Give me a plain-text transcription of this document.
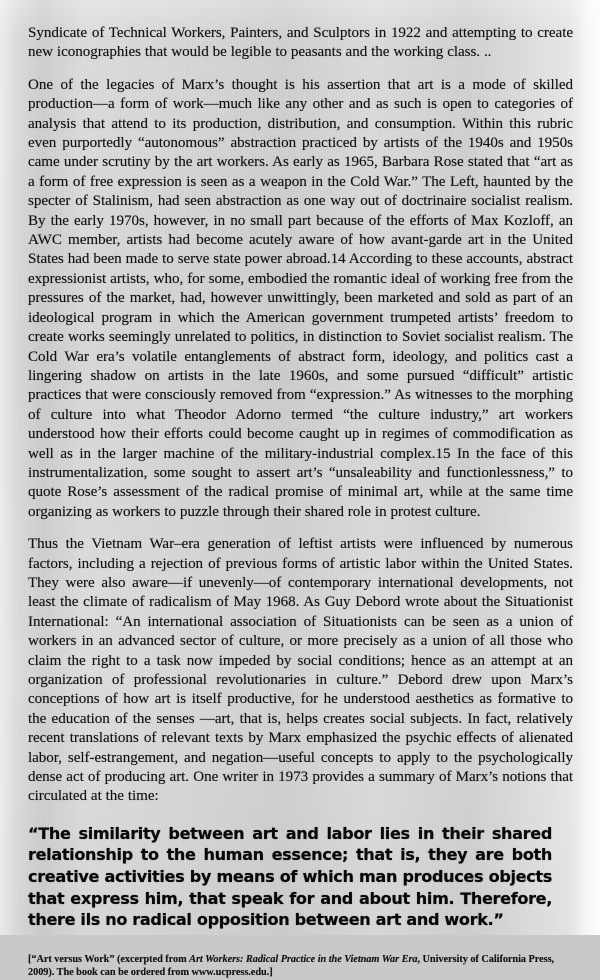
Syndicate of Technical Workers, Painters, and Sculptors in 1922 and attempting to create new iconographies that would be legible to peasants and the working class. ..

One of the legacies of Marx’s thought is his assertion that art is a mode of skilled production—a form of work—much like any other and as such is open to categories of analysis that attend to its production, distribution, and consumption. Within this rubric even purportedly “autonomous” abstraction practiced by artists of the 1940s and 1950s came under scrutiny by the art workers. As early as 1965, Barbara Rose stated that “art as a form of free expression is seen as a weapon in the Cold War.” The Left, haunted by the specter of Stalinism, had seen abstraction as one way out of doctrinaire socialist realism. By the early 1970s, however, in no small part because of the efforts of Max Kozloff, an AWC member, artists had become acutely aware of how avant-garde art in the United States had been made to serve state power abroad.14 According to these accounts, abstract expressionist artists, who, for some, embodied the romantic ideal of working free from the pressures of the market, had, however unwittingly, been marketed and sold as part of an ideological program in which the American government trumpeted artists’ freedom to create works seemingly unrelated to politics, in distinction to Soviet socialist realism. The Cold War era’s volatile entanglements of abstract form, ideology, and politics cast a lingering shadow on artists in the late 1960s, and some pursued “difficult” artistic practices that were consciously removed from “expression.” As witnesses to the morphing of culture into what Theodor Adorno termed “the culture industry,” art workers understood how their efforts could become caught up in regimes of commodification as well as in the larger machine of the military-industrial complex.15 In the face of this instrumentalization, some sought to assert art’s “unsaleability and functionlessness,” to quote Rose’s assessment of the radical promise of minimal art, while at the same time organizing as workers to puzzle through their shared role in protest culture.

Thus the Vietnam War–era generation of leftist artists were influenced by numerous factors, including a rejection of previous forms of artistic labor within the United States. They were also aware—if unevenly—of contemporary international developments, not least the climate of radicalism of May 1968. As Guy Debord wrote about the Situationist International: “An international association of Situationists can be seen as a union of workers in an advanced sector of culture, or more precisely as a union of all those who claim the right to a task now impeded by social conditions; hence as an attempt at an organization of professional revolutionaries in culture.” Debord drew upon Marx’s conceptions of how art is itself productive, for he understood aesthetics as formative to the education of the senses —art, that is, helps creates social subjects. In fact, relatively recent translations of relevant texts by Marx emphasized the psychic effects of alienated labor, self-estrangement, and negation—useful concepts to apply to the psychologically dense act of producing art. One writer in 1973 provides a summary of Marx’s notions that circulated at the time:

“The similarity between art and labor lies in their shared relationship to the human essence; that is, they are both creative activities by means of which man produces objects that express him, that speak for and about him. Therefore, there ils no radical opposition between art and work.”

[“Art versus Work” (excerpted from Art Workers: Radical Practice in the Vietnam War Era, University of California Press, 2009). The book can be ordered from www.ucpress.edu.]
